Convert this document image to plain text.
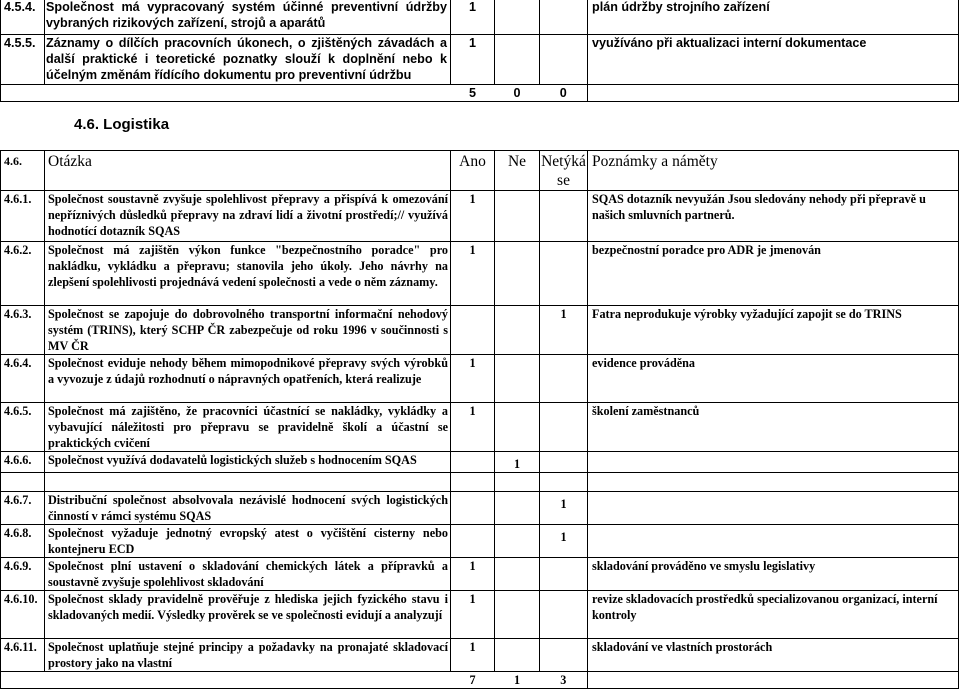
4.5.4.	Společnost má vypracovaný systém účinné preventivní údržby vybraných rizikových zařízení, strojů a aparátů	1			plán údržby strojního zařízení
4.5.5.	Záznamy o dílčích pracovních úkonech, o zjištěných závadách a další praktické i teoretické poznatky slouží k doplnění nebo k účelným změnám řídícího dokumentu pro preventivní údržbu	1			využíváno při aktualizaci interní dokumentace
		5	0	0	
4.6. Logistika
4.6.	Otázka	Ano	Ne	Netýká se	Poznámky a náměty
4.6.1.	Společnost soustavně zvyšuje spolehlivost přepravy a přispívá k omezování nepříznivých důsledků přepravy na zdraví lidí a životní prostředí;// využívá hodnotící dotazník SQAS	1			SQAS dotazník nevyužán Jsou sledovány nehody při přepravě u našich smluvních partnerů.
4.6.2.	Společnost má zajištěn výkon funkce "bezpečnostního poradce" pro nakládku, vykládku a přepravu; stanovila jeho úkoly. Jeho návrhy na zlepšení spolehlivosti projednává vedení společnosti a vede o něm záznamy.	1			bezpečnostní poradce pro ADR je jmenován
4.6.3.	Společnost se zapojuje do dobrovolného transportní informační nehodový systém (TRINS), který SCHP ČR zabezpečuje od roku 1996 v součinnosti s MV ČR			1	Fatra neprodukuje výrobky vyžadující zapojit se do TRINS
4.6.4.	Společnost eviduje nehody během mimopodnikové přepravy svých výrobků a vyvozuje z údajů rozhodnutí o nápravných opatřeních, která realizuje	1			evidence prováděna
4.6.5.	Společnost má zajištěno, že pracovníci účastnící se nakládky, vykládky a vybavující náležitosti pro přepravu se pravidelně školí a účastní se praktických cvičení	1			školení zaměstnanců
4.6.6.	Společnost využívá dodavatelů logistických služeb s hodnocením SQAS		1		

4.6.7.	Distribuční společnost absolvovala nezávislé hodnocení svých logistických činností v rámci systému SQAS			1	
4.6.8.	Společnost vyžaduje jednotný evropský atest o vyčištění cisterny nebo kontejneru ECD			1	
4.6.9.	Společnost plní ustavení o skladování chemických látek a přípravků a soustavně zvyšuje spolehlivost skladování	1			skladování prováděno ve smyslu legislativy
4.6.10.	Společnost sklady pravidelně prověřuje z hlediska jejich fyzického stavu i skladovaných medií. Výsledky prověrek se ve společnosti evidují a analyzují	1			revize skladovacích prostředků specializovanou organizací, interní kontroly
4.6.11.	Společnost uplatňuje stejné principy a požadavky na pronajaté skladovací prostory jako na vlastní	1			skladování ve vlastních prostorách
		7	1	3	
